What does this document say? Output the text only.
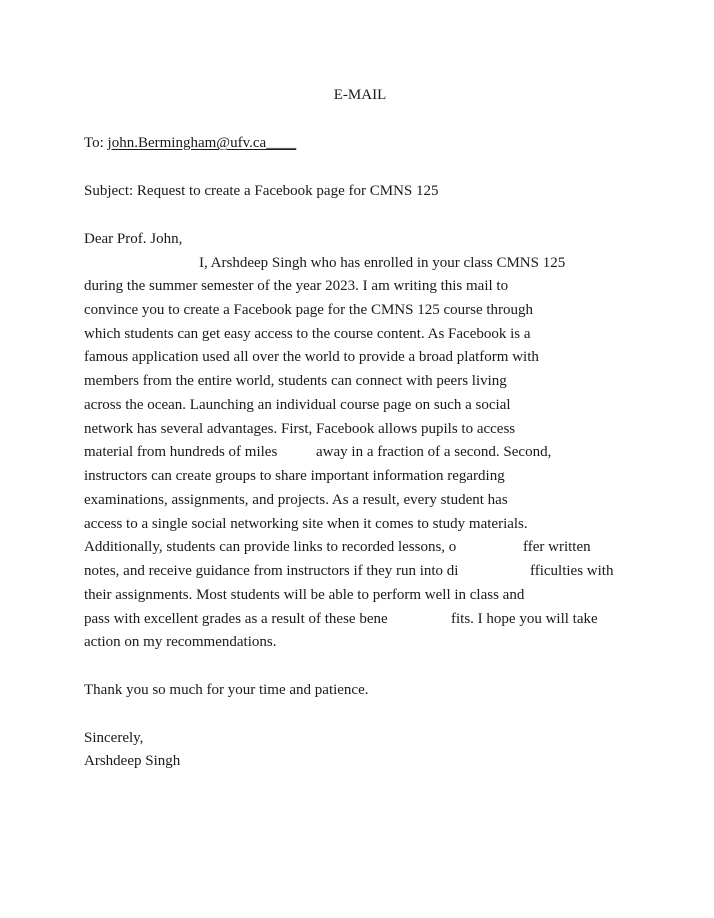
E-MAIL
To: john.Bermingham@ufv.ca____
Subject: Request to create a Facebook page for CMNS 125
Dear Prof. John,
I, Arshdeep Singh who has enrolled in your class CMNS 125
during the summer semester of the year 2023. I am writing this mail to
convince you to create a Facebook page for the CMNS 125 course through
which students can get easy access to the course content. As Facebook is a
famous application used all over the world to provide a broad platform with
members from the entire world, students can connect with peers living
across the ocean. Launching an individual course page on such a social
network has several advantages. First, Facebook allows pupils to access
material from hundreds of miles	away in a fraction of a second. Second,
instructors can create groups to share important information regarding
examinations, assignments, and projects. As a result, every student has
access to a single social networking site when it comes to study materials.
Additionally, students can provide links to recorded lessons, o	ffer written
notes, and receive guidance from instructors if they run into di	fficulties with
their assignments. Most students will be able to perform well in class and
pass with excellent grades as a result of these bene	fits. I hope you will take
action on my recommendations.
Thank you so much for your time and patience.
Sincerely,
Arshdeep Singh
